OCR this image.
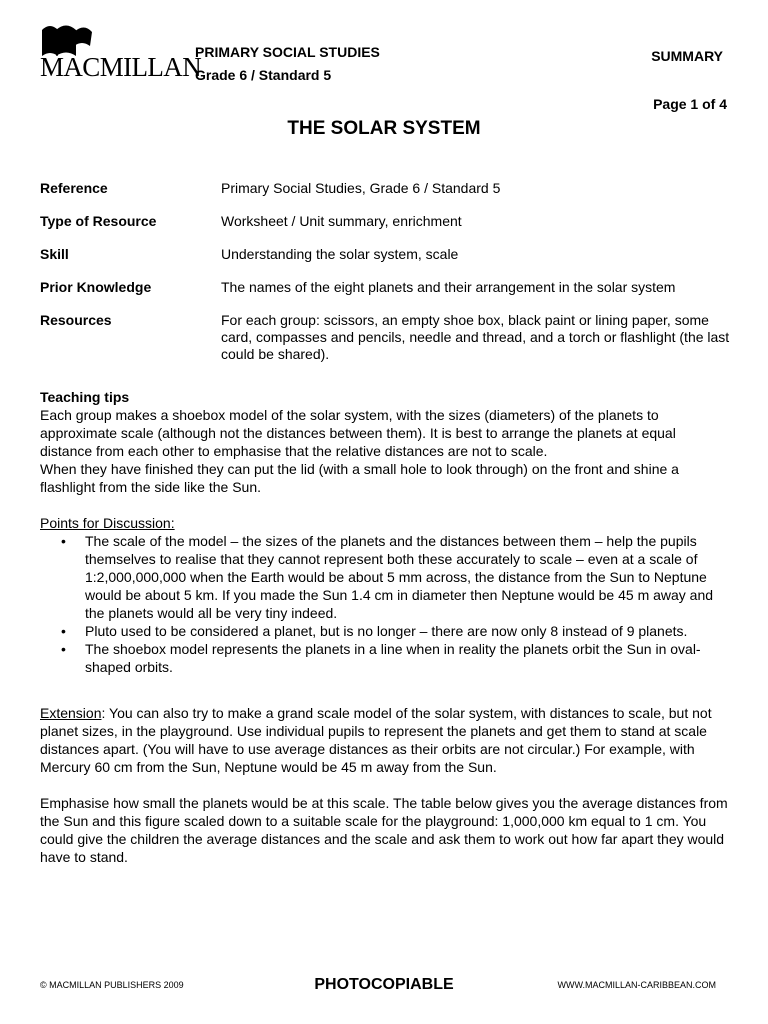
MACMILLAN
PRIMARY SOCIAL STUDIES
Grade 6 / Standard 5
SUMMARY
Page 1 of 4
THE SOLAR SYSTEM
Reference	Primary Social Studies, Grade 6 / Standard 5
Type of Resource	Worksheet / Unit summary, enrichment
Skill	Understanding the solar system, scale
Prior Knowledge	The names of the eight planets and their arrangement in the solar system
Resources	For each group: scissors, an empty shoe box, black paint or lining paper, some card, compasses and pencils, needle and thread, and a torch or flashlight (the last could be shared).

Teaching tips

Each group makes a shoebox model of the solar system, with the sizes (diameters) of the planets to approximate scale (although not the distances between them). It is best to arrange the planets at equal distance from each other to emphasise that the relative distances are not to scale.

When they have finished they can put the lid (with a small hole to look through) on the front and shine a flashlight from the side like the Sun.

Points for Discussion:

• The scale of the model – the sizes of the planets and the distances between them – help the pupils themselves to realise that they cannot represent both these accurately to scale – even at a scale of 1:2,000,000,000 when the Earth would be about 5 mm across, the distance from the Sun to Neptune would be about 5 km. If you made the Sun 1.4 cm in diameter then Neptune would be 45 m away and the planets would all be very tiny indeed.
• Pluto used to be considered a planet, but is no longer – there are now only 8 instead of 9 planets.
• The shoebox model represents the planets in a line when in reality the planets orbit the Sun in oval-shaped orbits.

Extension: You can also try to make a grand scale model of the solar system, with distances to scale, but not planet sizes, in the playground. Use individual pupils to represent the planets and get them to stand at scale distances apart. (You will have to use average distances as their orbits are not circular.) For example, with Mercury 60 cm from the Sun, Neptune would be 45 m away from the Sun.

Emphasise how small the planets would be at this scale. The table below gives you the average distances from the Sun and this figure scaled down to a suitable scale for the playground: 1,000,000 km equal to 1 cm. You could give the children the average distances and the scale and ask them to work out how far apart they would have to stand.

© MACMILLAN PUBLISHERS 2009	PHOTOCOPIABLE	WWW.MACMILLAN-CARIBBEAN.COM
